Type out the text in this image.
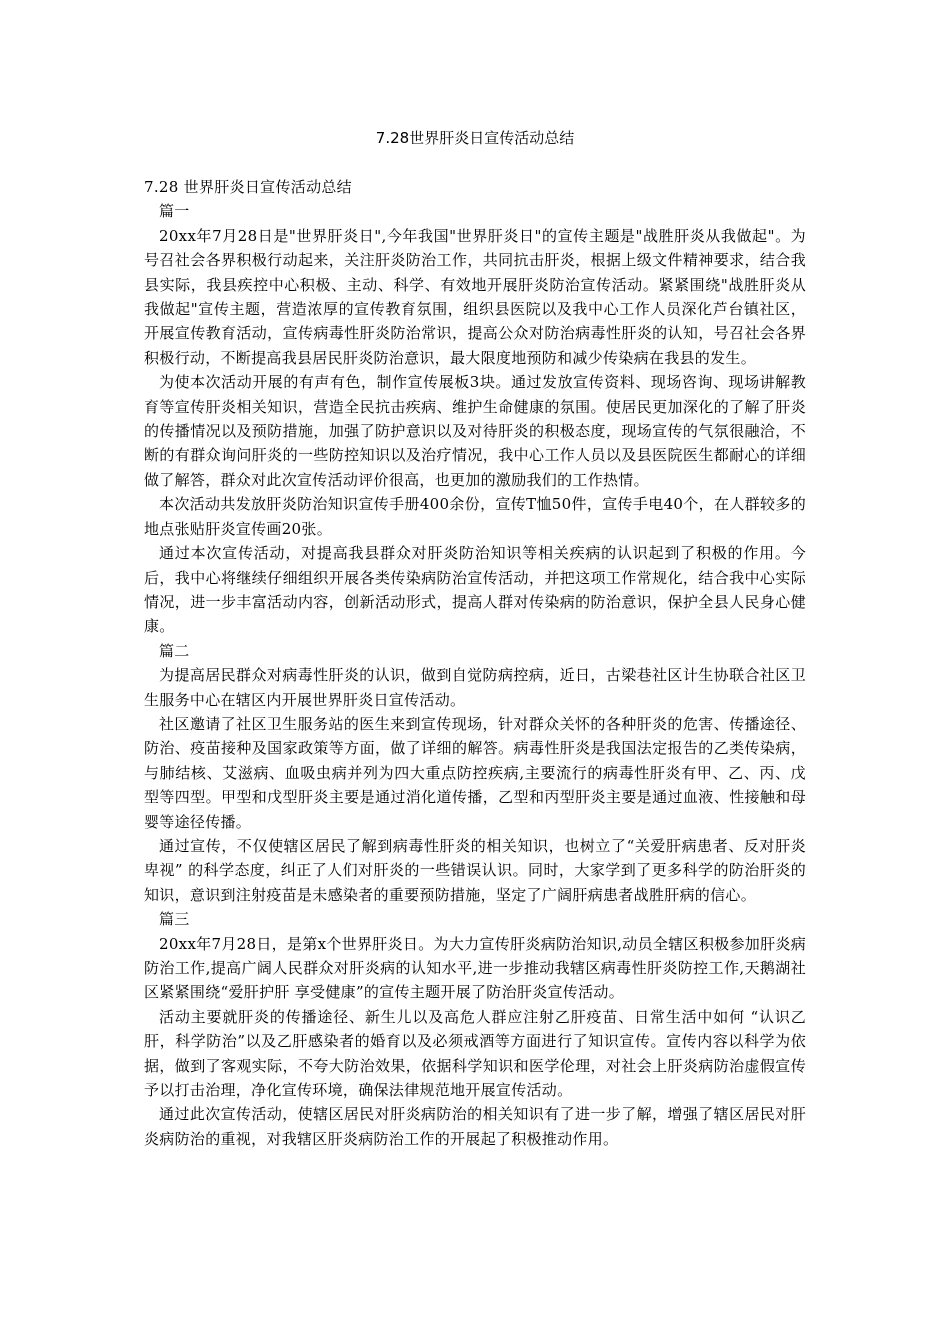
7.28世界肝炎日宣传活动总结

7.28 世界肝炎日宣传活动总结

篇一

20xx年7月28日是"世界肝炎日",今年我国"世界肝炎日"的宣传主题是"战胜肝炎从我做起"。为号召社会各界积极行动起来，关注肝炎防治工作，共同抗击肝炎，根据上级文件精神要求，结合我县实际，我县疾控中心积极、主动、科学、有效地开展肝炎防治宣传活动。紧紧围绕"战胜肝炎从我做起"宣传主题，营造浓厚的宣传教育氛围，组织县医院以及我中心工作人员深化芦台镇社区，开展宣传教育活动，宣传病毒性肝炎防治常识，提高公众对防治病毒性肝炎的认知，号召社会各界积极行动，不断提高我县居民肝炎防治意识，最大限度地预防和减少传染病在我县的发生。

为使本次活动开展的有声有色，制作宣传展板3块。通过发放宣传资料、现场咨询、现场讲解教育等宣传肝炎相关知识，营造全民抗击疾病、维护生命健康的氛围。使居民更加深化的了解了肝炎的传播情况以及预防措施，加强了防护意识以及对待肝炎的积极态度，现场宣传的气氛很融洽，不断的有群众询问肝炎的一些防控知识以及治疗情况，我中心工作人员以及县医院医生都耐心的详细做了解答，群众对此次宣传活动评价很高，也更加的激励我们的工作热情。

本次活动共发放肝炎防治知识宣传手册400余份，宣传T恤50件，宣传手电40个，在人群较多的地点张贴肝炎宣传画20张。

通过本次宣传活动，对提高我县群众对肝炎防治知识等相关疾病的认识起到了积极的作用。今后，我中心将继续仔细组织开展各类传染病防治宣传活动，并把这项工作常规化，结合我中心实际情况，进一步丰富活动内容，创新活动形式，提高人群对传染病的防治意识，保护全县人民身心健康。

篇二

为提高居民群众对病毒性肝炎的认识，做到自觉防病控病，近日，古梁巷社区计生协联合社区卫生服务中心在辖区内开展世界肝炎日宣传活动。

社区邀请了社区卫生服务站的医生来到宣传现场，针对群众关怀的各种肝炎的危害、传播途径、防治、疫苗接种及国家政策等方面，做了详细的解答。病毒性肝炎是我国法定报告的乙类传染病，与肺结核、艾滋病、血吸虫病并列为四大重点防控疾病,主要流行的病毒性肝炎有甲、乙、丙、戊型等四型。甲型和戊型肝炎主要是通过消化道传播，乙型和丙型肝炎主要是通过血液、性接触和母婴等途径传播。

通过宣传，不仅使辖区居民了解到病毒性肝炎的相关知识，也树立了“关爱肝病患者、反对肝炎卑视” 的科学态度，纠正了人们对肝炎的一些错误认识。同时，大家学到了更多科学的防治肝炎的知识，意识到注射疫苗是未感染者的重要预防措施，坚定了广阔肝病患者战胜肝病的信心。

篇三

20xx年7月28日，是第x个世界肝炎日。为大力宣传肝炎病防治知识,动员全辖区积极参加肝炎病防治工作,提高广阔人民群众对肝炎病的认知水平,进一步推动我辖区病毒性肝炎防控工作,天鹅湖社区紧紧围绕“爱肝护肝 享受健康”的宣传主题开展了防治肝炎宣传活动。

活动主要就肝炎的传播途径、新生儿以及高危人群应注射乙肝疫苗、日常生活中如何 “认识乙肝，科学防治”以及乙肝感染者的婚育以及必须戒酒等方面进行了知识宣传。宣传内容以科学为依据，做到了客观实际，不夸大防治效果，依据科学知识和医学伦理，对社会上肝炎病防治虚假宣传予以打击治理，净化宣传环境，确保法律规范地开展宣传活动。

通过此次宣传活动，使辖区居民对肝炎病防治的相关知识有了进一步了解，增强了辖区居民对肝炎病防治的重视，对我辖区肝炎病防治工作的开展起了积极推动作用。
